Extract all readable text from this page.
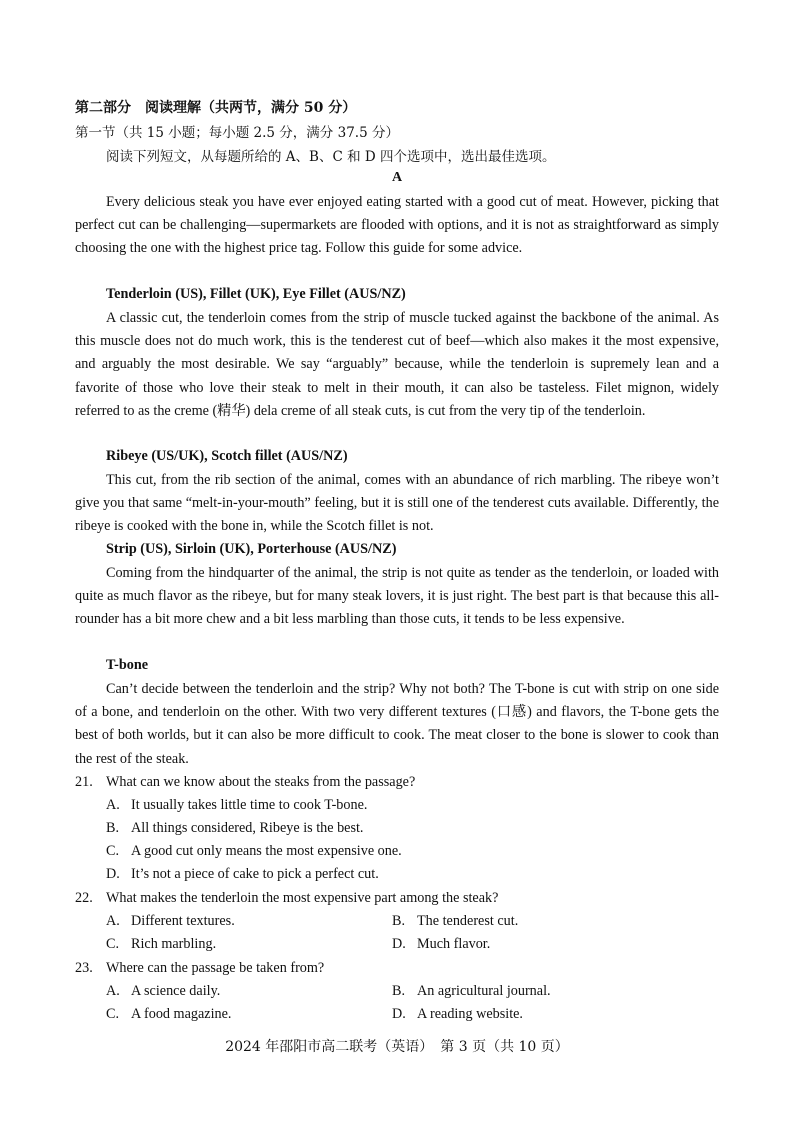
第二部分　阅读理解（共两节，满分 50 分）
第一节（共 15 小题；每小题 2.5 分，满分 37.5 分）
阅读下列短文，从每题所给的 A、B、C 和 D 四个选项中，选出最佳选项。
A

Every delicious steak you have ever enjoyed eating started with a good cut of meat. However, picking that perfect cut can be challenging—supermarkets are flooded with options, and it is not as straightforward as simply choosing the one with the highest price tag. Follow this guide for some advice.

Tenderloin (US), Fillet (UK), Eye Fillet (AUS/NZ)

A classic cut, the tenderloin comes from the strip of muscle tucked against the backbone of the animal. As this muscle does not do much work, this is the tenderest cut of beef—which also makes it the most expensive, and arguably the most desirable. We say “arguably” because, while the tenderloin is supremely lean and a favorite of those who love their steak to melt in their mouth, it can also be tasteless. Filet mignon, widely referred to as the creme (精华) dela creme of all steak cuts, is cut from the very tip of the tenderloin.

Ribeye (US/UK), Scotch fillet (AUS/NZ)

This cut, from the rib section of the animal, comes with an abundance of rich marbling. The ribeye won’t give you that same “melt-in-your-mouth” feeling, but it is still one of the tenderest cuts available. Differently, the ribeye is cooked with the bone in, while the Scotch fillet is not.

Strip (US), Sirloin (UK), Porterhouse (AUS/NZ)

Coming from the hindquarter of the animal, the strip is not quite as tender as the tenderloin, or loaded with quite as much flavor as the ribeye, but for many steak lovers, it is just right. The best part is that because this all-rounder has a bit more chew and a bit less marbling than those cuts, it tends to be less expensive.

T-bone

Can’t decide between the tenderloin and the strip? Why not both? The T-bone is cut with strip on one side of a bone, and tenderloin on the other. With two very different textures (口感) and flavors, the T-bone gets the best of both worlds, but it can also be more difficult to cook. The meat closer to the bone is slower to cook than the rest of the steak.

21. What can we know about the steaks from the passage?
A. It usually takes little time to cook T-bone.
B. All things considered, Ribeye is the best.
C. A good cut only means the most expensive one.
D. It’s not a piece of cake to pick a perfect cut.
22. What makes the tenderloin the most expensive part among the steak?
A. Different textures.	B. The tenderest cut.
C. Rich marbling.	D. Much flavor.
23. Where can the passage be taken from?
A. A science daily.	B. An agricultural journal.
C. A food magazine.	D. A reading website.
2024 年邵阳市高二联考（英语）　第 3 页（共 10 页）
